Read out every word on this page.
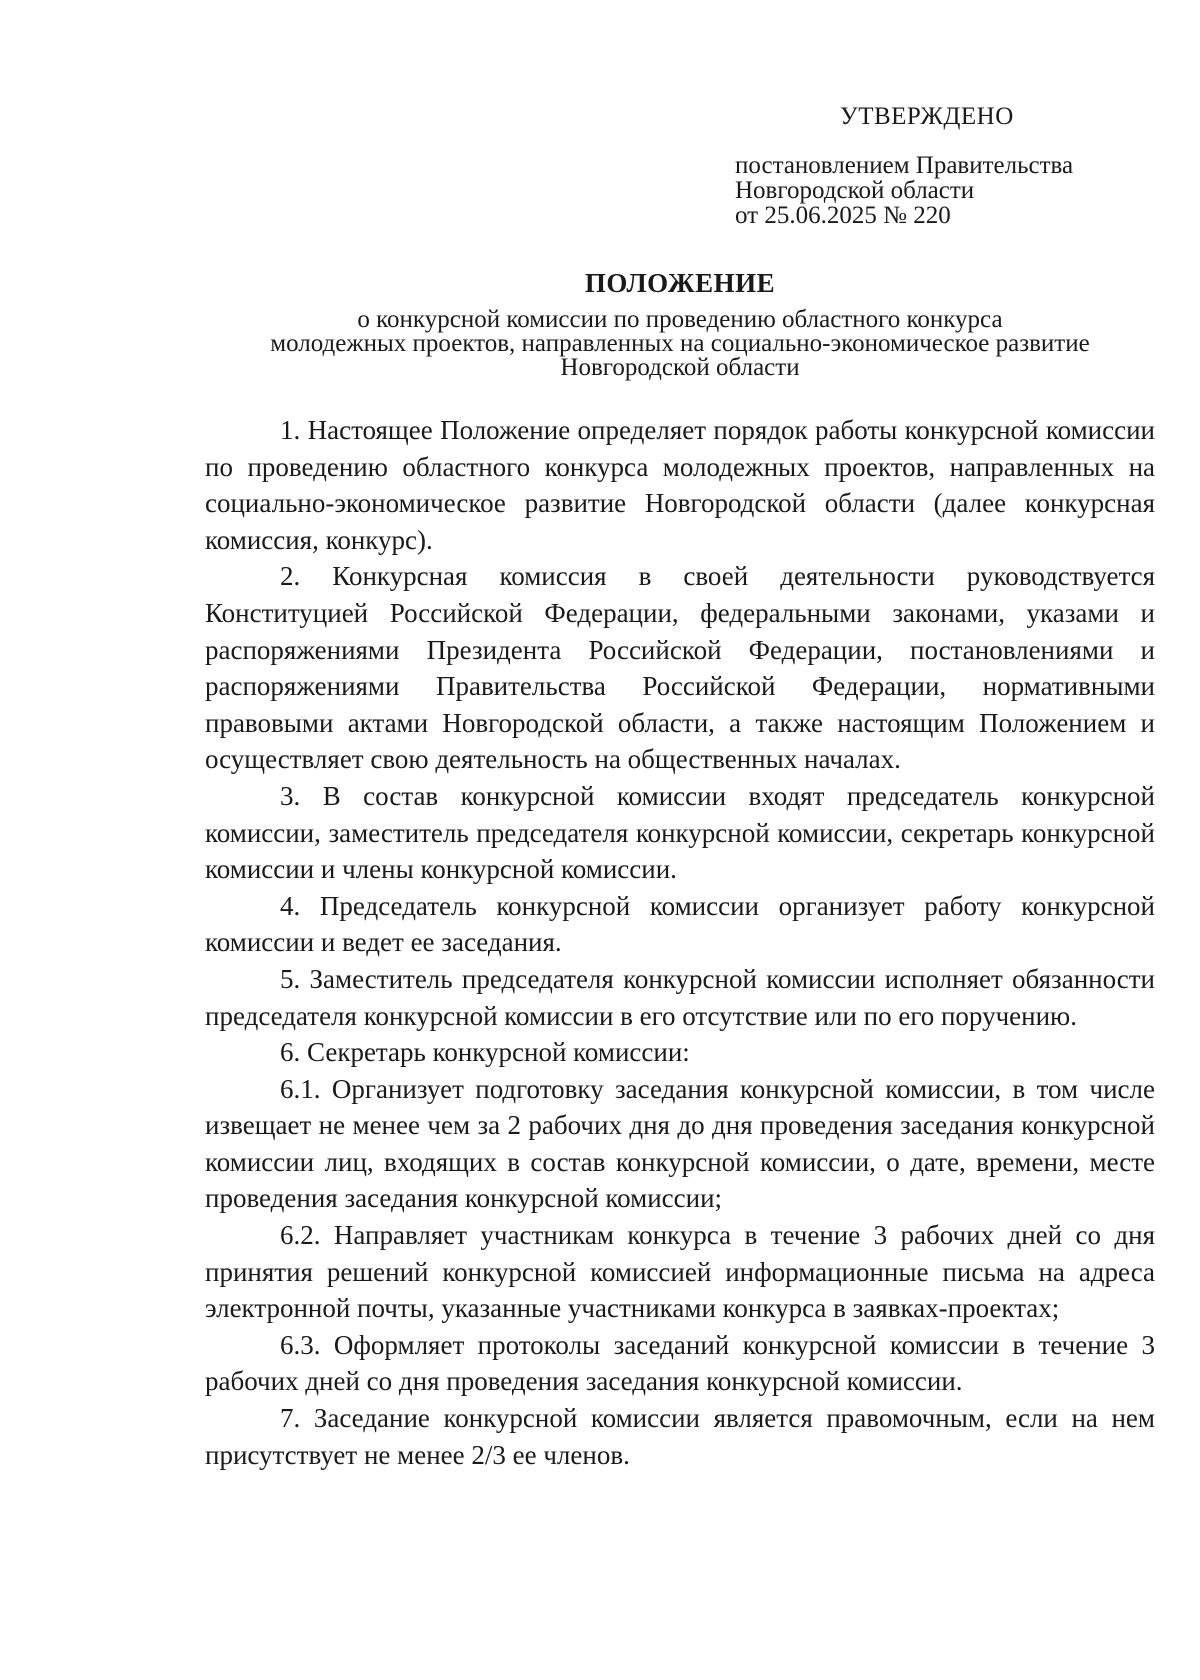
УТВЕРЖДЕНО
постановлением Правительства
Новгородской области
от 25.06.2025 № 220
ПОЛОЖЕНИЕ
о конкурсной комиссии по проведению областного конкурса
молодежных проектов, направленных на социально-экономическое развитие
Новгородской области

1. Настоящее Положение определяет порядок работы конкурсной комиссии по проведению областного конкурса молодежных проектов, направленных на социально-экономическое развитие Новгородской области (далее конкурсная комиссия, конкурс).

2. Конкурсная комиссия в своей деятельности руководствуется Конституцией Российской Федерации, федеральными законами, указами и распоряжениями Президента Российской Федерации, постановлениями и распоряжениями Правительства Российской Федерации, нормативными правовыми актами Новгородской области, а также настоящим Положением и осуществляет свою деятельность на общественных началах.

3. В состав конкурсной комиссии входят председатель конкурсной комиссии, заместитель председателя конкурсной комиссии, секретарь конкурсной комиссии и члены конкурсной комиссии.

4. Председатель конкурсной комиссии организует работу конкурсной комиссии и ведет ее заседания.

5. Заместитель председателя конкурсной комиссии исполняет обязанности председателя конкурсной комиссии в его отсутствие или по его поручению.

6. Секретарь конкурсной комиссии:

6.1. Организует подготовку заседания конкурсной комиссии, в том числе извещает не менее чем за 2 рабочих дня до дня проведения заседания конкурсной комиссии лиц, входящих в состав конкурсной комиссии, о дате, времени, месте проведения заседания конкурсной комиссии;

6.2. Направляет участникам конкурса в течение 3 рабочих дней со дня принятия решений конкурсной комиссией информационные письма на адреса электронной почты, указанные участниками конкурса в заявках-проектах;

6.3. Оформляет протоколы заседаний конкурсной комиссии в течение 3 рабочих дней со дня проведения заседания конкурсной комиссии.

7. Заседание конкурсной комиссии является правомочным, если на нем присутствует не менее 2/3 ее членов.
